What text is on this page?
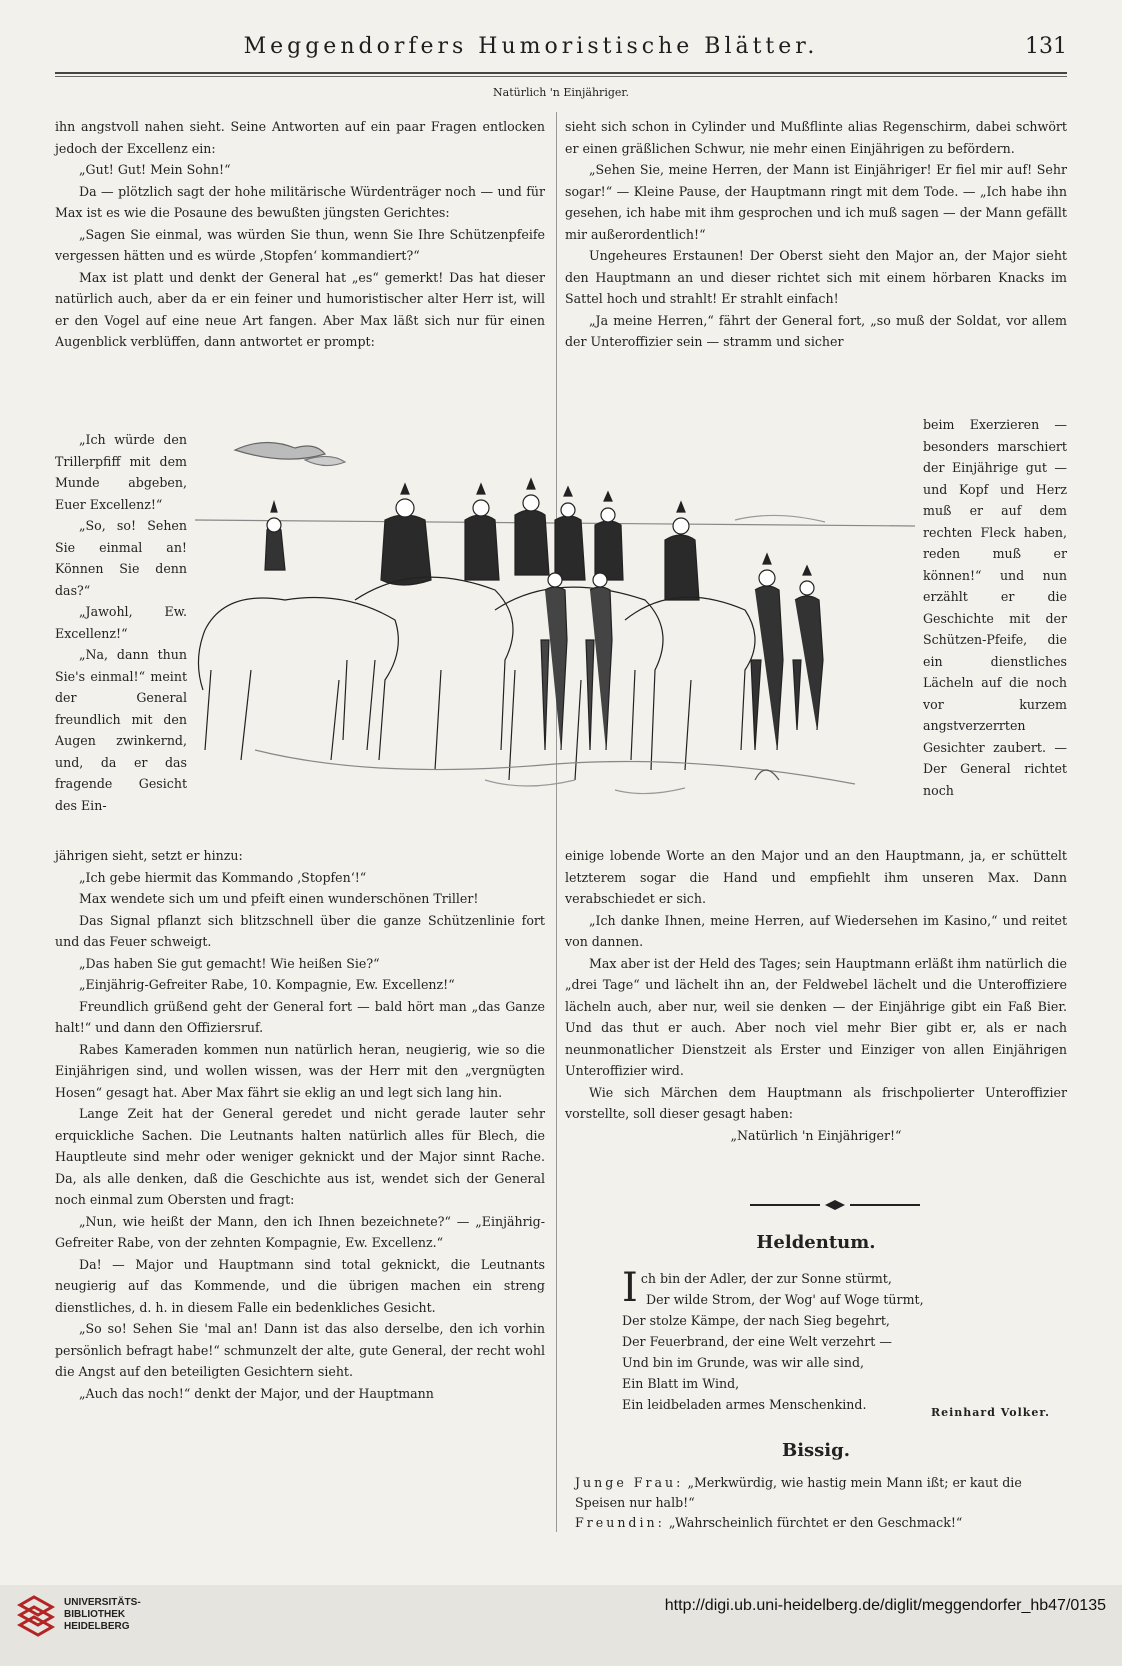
Meggendorfers Humoristische Blätter.	131
Natürlich 'n Einjähriger.

ihn angstvoll nahen sieht. Seine Antworten auf ein paar Fragen entlocken jedoch der Excellenz ein:

„Gut! Gut! Mein Sohn!“

Da — plötzlich sagt der hohe militärische Würdenträger noch — und für Max ist es wie die Posaune des bewußten jüngsten Gerichtes:

„Sagen Sie einmal, was würden Sie thun, wenn Sie Ihre Schützenpfeife vergessen hätten und es würde ‚Stopfen‘ kommandiert?“

Max ist platt und denkt der General hat „es“ gemerkt! Das hat dieser natürlich auch, aber da er ein feiner und humoristischer alter Herr ist, will er den Vogel auf eine neue Art fangen. Aber Max läßt sich nur für einen Augenblick verblüffen, dann antwortet er prompt:

„Ich würde den Trillerpfiff mit dem Munde abgeben, Euer Excellenz!“

„So, so! Sehen Sie einmal an! Können Sie denn das?“

„Jawohl, Ew. Excellenz!“

„Na, dann thun Sie's einmal!“ meint der General freundlich mit den Augen zwinkernd, und, da er das fragende Gesicht des Ein-

jährigen sieht, setzt er hinzu:

„Ich gebe hiermit das Kommando ‚Stopfen‘!“

Max wendete sich um und pfeift einen wunderschönen Triller!

Das Signal pflanzt sich blitzschnell über die ganze Schützenlinie fort und das Feuer schweigt.

„Das haben Sie gut gemacht! Wie heißen Sie?“

„Einjährig-Gefreiter Rabe, 10. Kompagnie, Ew. Excellenz!“

Freundlich grüßend geht der General fort — bald hört man „das Ganze halt!“ und dann den Offiziersruf.

Rabes Kameraden kommen nun natürlich heran, neugierig, wie so die Einjährigen sind, und wollen wissen, was der Herr mit den „vergnügten Hosen“ gesagt hat. Aber Max fährt sie eklig an und legt sich lang hin.

Lange Zeit hat der General geredet und nicht gerade lauter sehr erquickliche Sachen. Die Leutnants halten natürlich alles für Blech, die Hauptleute sind mehr oder weniger geknickt und der Major sinnt Rache. Da, als alle denken, daß die Geschichte aus ist, wendet sich der General noch einmal zum Obersten und fragt:

„Nun, wie heißt der Mann, den ich Ihnen bezeichnete?“ — „Einjährig-Gefreiter Rabe, von der zehnten Kompagnie, Ew. Excellenz.“

Da! — Major und Hauptmann sind total geknickt, die Leutnants neugierig auf das Kommende, und die übrigen machen ein streng dienstliches, d. h. in diesem Falle ein bedenkliches Gesicht.

„So so! Sehen Sie 'mal an! Dann ist das also derselbe, den ich vorhin persönlich befragt habe!“ schmunzelt der alte, gute General, der recht wohl die Angst auf den beteiligten Gesichtern sieht.

„Auch das noch!“ denkt der Major, und der Hauptmann

sieht sich schon in Cylinder und Mußflinte alias Regenschirm, dabei schwört er einen gräßlichen Schwur, nie mehr einen Einjährigen zu befördern.

„Sehen Sie, meine Herren, der Mann ist Einjähriger! Er fiel mir auf! Sehr sogar!“ — Kleine Pause, der Hauptmann ringt mit dem Tode. — „Ich habe ihn gesehen, ich habe mit ihm gesprochen und ich muß sagen — der Mann gefällt mir außerordentlich!“

Ungeheures Erstaunen! Der Oberst sieht den Major an, der Major sieht den Hauptmann an und dieser richtet sich mit einem hörbaren Knacks im Sattel hoch und strahlt! Er strahlt einfach!

„Ja meine Herren,“ fährt der General fort, „so muß der Soldat, vor allem der Unteroffizier sein — stramm und sicher

beim Exerzieren — besonders marschiert der Einjährige gut — und Kopf und Herz muß er auf dem rechten Fleck haben, reden muß er können!“ und nun erzählt er die Geschichte mit der Schützen-Pfeife, die ein dienstliches Lächeln auf die noch vor kurzem angstverzerrten Gesichter zaubert. — Der General richtet noch

einige lobende Worte an den Major und an den Hauptmann, ja, er schüttelt letzterem sogar die Hand und empfiehlt ihm unseren Max. Dann verabschiedet er sich.

„Ich danke Ihnen, meine Herren, auf Wiedersehen im Kasino,“ und reitet von dannen.

Max aber ist der Held des Tages; sein Hauptmann erläßt ihm natürlich die „drei Tage“ und lächelt ihn an, der Feldwebel lächelt und die Unteroffiziere lächeln auch, aber nur, weil sie denken — der Einjährige gibt ein Faß Bier. Und das thut er auch. Aber noch viel mehr Bier gibt er, als er nach neunmonatlicher Dienstzeit als Erster und Einziger von allen Einjährigen Unteroffizier wird.

Wie sich Märchen dem Hauptmann als frischpolierter Unteroffizier vorstellte, soll dieser gesagt haben:

„Natürlich 'n Einjähriger!“

Heldentum.
Ich bin der Adler, der zur Sonne stürmt,
Der wilde Strom, der Wog' auf Woge türmt,
Der stolze Kämpe, der nach Sieg begehrt,
Der Feuerbrand, der eine Welt verzehrt —
Und bin im Grunde, was wir alle sind,
Ein Blatt im Wind,
Ein leidbeladen armes Menschenkind.
Reinhard Volker.
Bissig.
Junge Frau: „Merkwürdig, wie hastig mein Mann ißt; er kaut die Speisen nur halb!“
Freundin: „Wahrscheinlich fürchtet er den Geschmack!“
UNIVERSITÄTS-
BIBLIOTHEK
HEIDELBERG
http://digi.ub.uni-heidelberg.de/diglit/meggendorfer_hb47/0135
